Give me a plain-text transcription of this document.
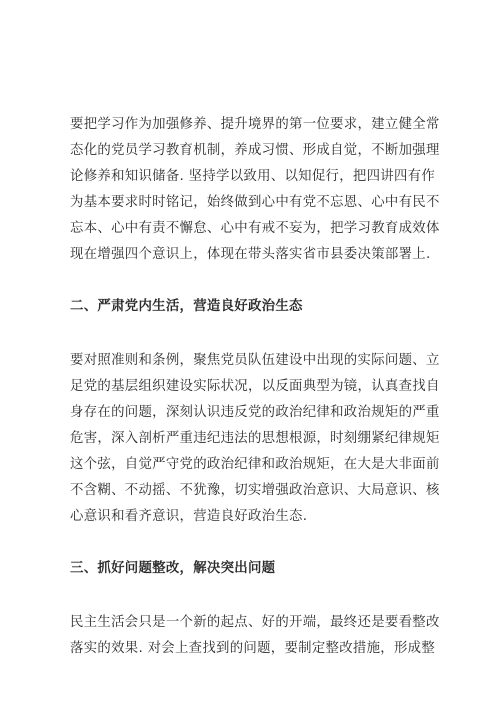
要把学习作为加强修养、提升境界的第一位要求，建立健全常
态化的党员学习教育机制，养成习惯、形成自觉，不断加强理
论修养和知识储备. 坚持学以致用、以知促行，把四讲四有作
为基本要求时时铭记，始终做到心中有党不忘恩、心中有民不
忘本、心中有责不懈怠、心中有戒不妄为，把学习教育成效体
现在增强四个意识上，体现在带头落实省市县委决策部署上.

二、严肃党内生活，营造良好政治生态

要对照准则和条例，聚焦党员队伍建设中出现的实际问题、立
足党的基层组织建设实际状况，以反面典型为镜，认真查找自
身存在的问题，深刻认识违反党的政治纪律和政治规矩的严重
危害，深入剖析严重违纪违法的思想根源，时刻绷紧纪律规矩
这个弦，自觉严守党的政治纪律和政治规矩，在大是大非面前
不含糊、不动摇、不犹豫，切实增强政治意识、大局意识、核
心意识和看齐意识，营造良好政治生态.

三、抓好问题整改，解决突出问题

民主生活会只是一个新的起点、好的开端，最终还是要看整改
落实的效果. 对会上查找到的问题，要制定整改措施，形成整
